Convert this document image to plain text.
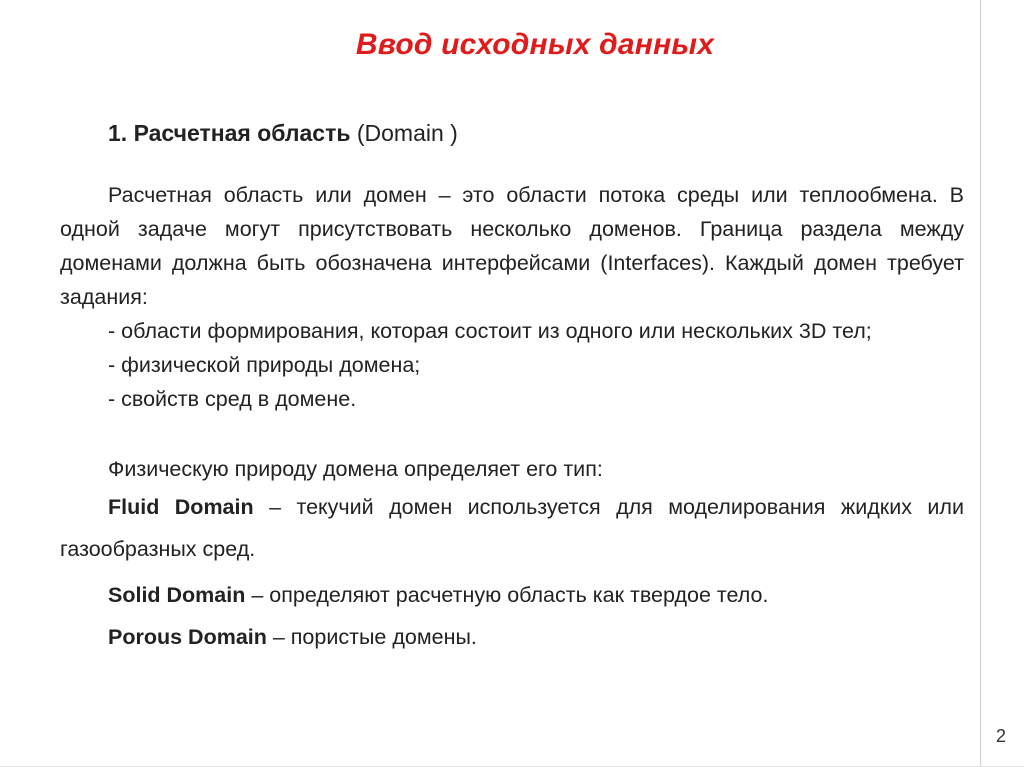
Ввод исходных данных

1. Расчетная область (Domain )

Расчетная область или домен – это области потока среды или теплообмена. В одной задаче могут присутствовать несколько доменов. Граница раздела между доменами должна быть обозначена интерфейсами (Interfaces). Каждый домен требует задания:

- области формирования, которая состоит из одного или нескольких 3D тел;

- физической природы домена;

- свойств сред в домене.

Физическую природу домена определяет его тип:

Fluid Domain – текучий домен используется для моделирования жидких или газообразных сред.

Solid Domain – определяют расчетную область как твердое тело.

Porous Domain – пористые домены.

2
